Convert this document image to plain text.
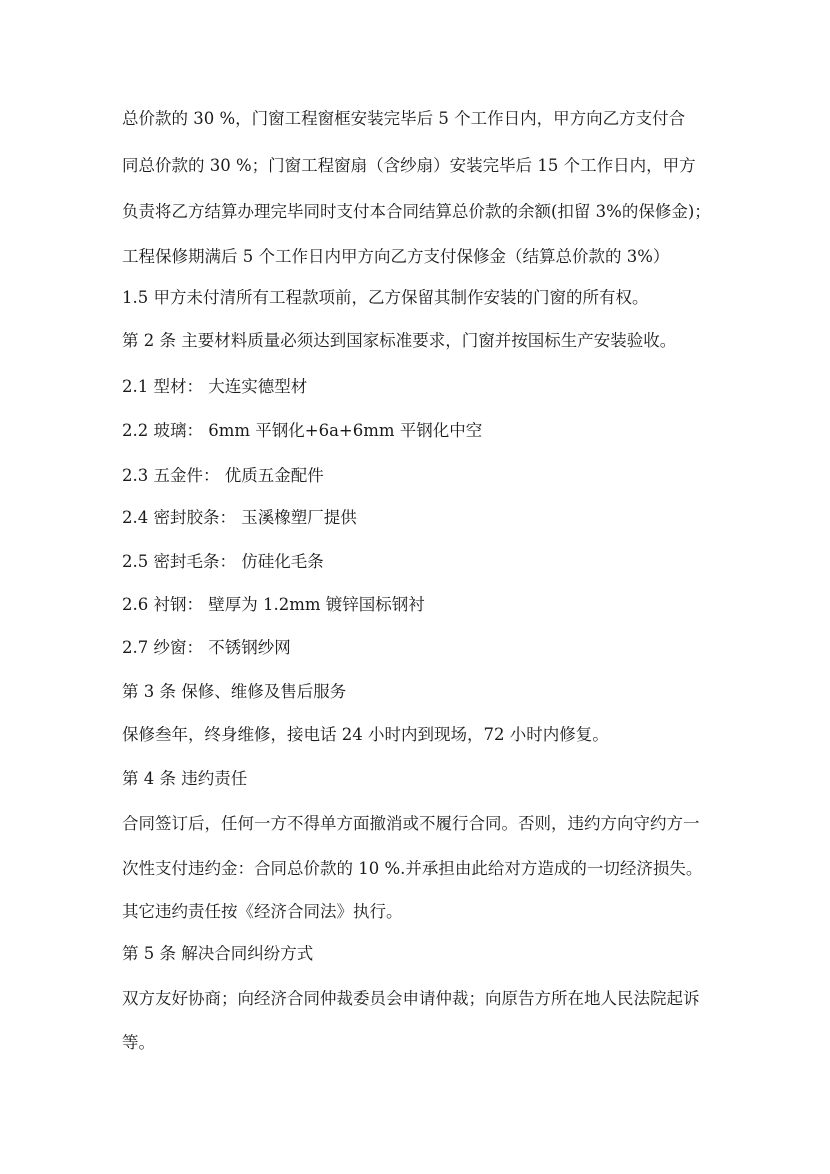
总价款的 30 %，门窗工程窗框安装完毕后 5 个工作日内，甲方向乙方支付合

同总价款的 30 %；门窗工程窗扇（含纱扇）安装完毕后 15 个工作日内，甲方

负责将乙方结算办理完毕同时支付本合同结算总价款的余额(扣留 3%的保修金)；

工程保修期满后 5 个工作日内甲方向乙方支付保修金（结算总价款的 3%）

1.5 甲方未付清所有工程款项前，乙方保留其制作安装的门窗的所有权。

第 2 条 主要材料质量必须达到国家标准要求，门窗并按国标生产安装验收。

2.1 型材： 大连实德型材

2.2 玻璃： 6mm 平钢化+6a+6mm 平钢化中空

2.3 五金件： 优质五金配件

2.4 密封胶条： 玉溪橡塑厂提供

2.5 密封毛条： 仿硅化毛条

2.6 衬钢： 壁厚为 1.2mm 镀锌国标钢衬

2.7 纱窗： 不锈钢纱网

第 3 条 保修、维修及售后服务

保修叁年，终身维修，接电话 24 小时内到现场，72 小时内修复。

第 4 条 违约责任

合同签订后，任何一方不得单方面撤消或不履行合同。否则，违约方向守约方一

次性支付违约金：合同总价款的 10 %.并承担由此给对方造成的一切经济损失。

其它违约责任按《经济合同法》执行。

第 5 条 解决合同纠纷方式

双方友好协商；向经济合同仲裁委员会申请仲裁；向原告方所在地人民法院起诉

等。
